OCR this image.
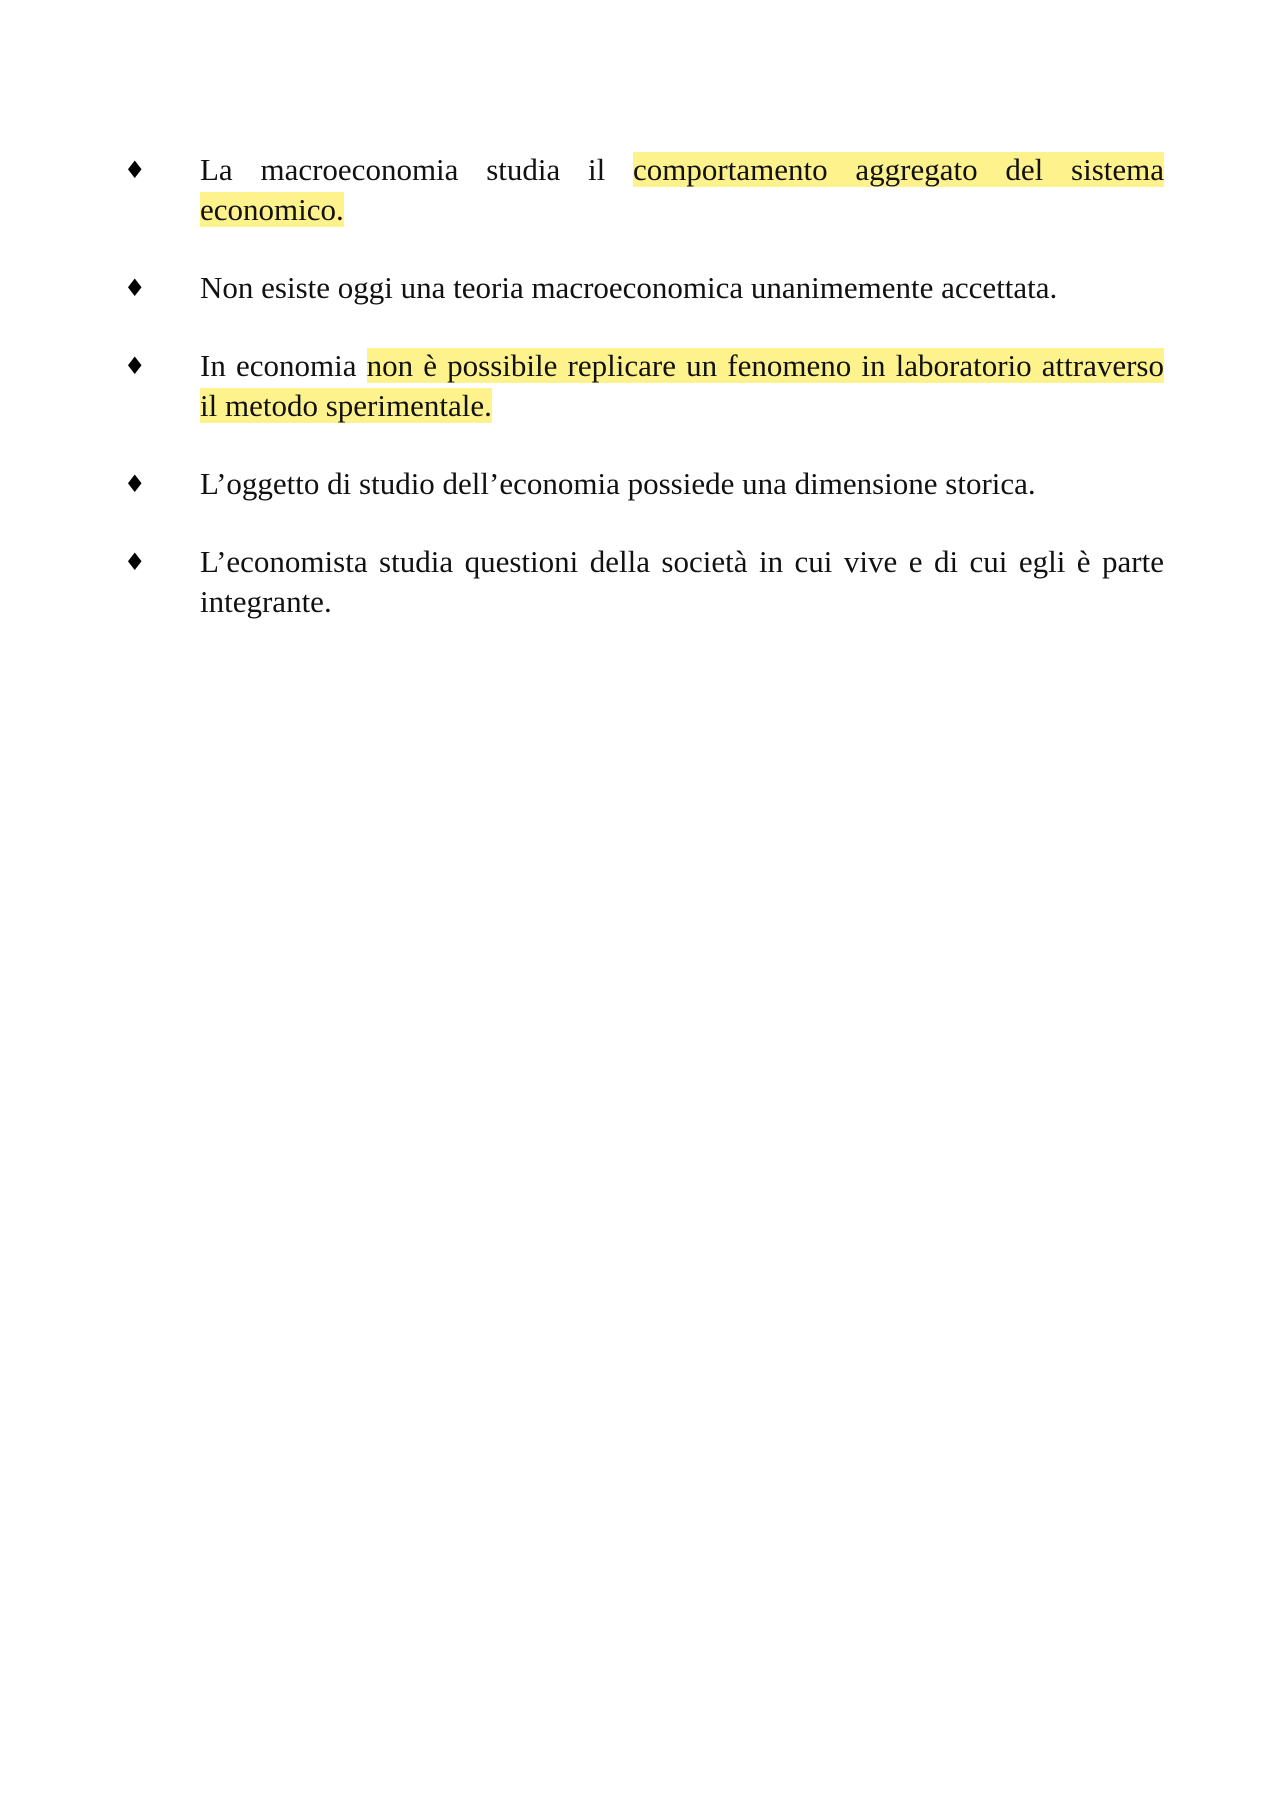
♦ La macroeconomia studia il comportamento aggregato del sistema economico.
♦ Non esiste oggi una teoria macroeconomica unanimemente accettata.
♦ In economia non è possibile replicare un fenomeno in laboratorio attraverso il metodo sperimentale.
♦ L’oggetto di studio dell’economia possiede una dimensione storica.
♦ L’economista studia questioni della società in cui vive e di cui egli è parte integrante.
